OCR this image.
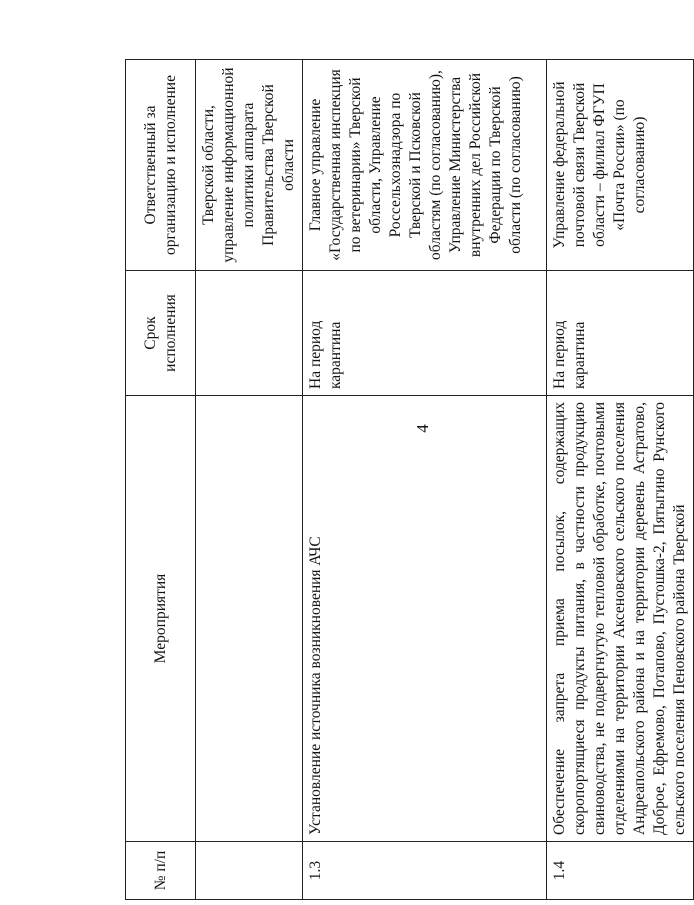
4
№ п/п	Мероприятия	Срок исполнения	Ответственный за организацию и исполнение
			Тверской области, управление информационной политики аппарата Правительства Тверской области
1.3	Установление источника возникновения АЧС	На период карантина	Главное управление «Государственная инспекция по ветеринарии» Тверской области, Управление Россельхознадзора по Тверской и Псковской областям (по согласованию), Управление Министерства внутренних дел Российской Федерации по Тверской области (по согласованию)
1.4	Обеспечение запрета приема посылок, содержащих скоропортящиеся продукты питания, в частности продукцию свиноводства, не подвергнутую тепловой обработке, почтовыми отделениями на территории Аксеновского сельского поселения Андреапольского района и на территории деревень Астратово, Доброе, Ефремово, Потапово, Пустошка-2, Пятыгино Рунского сельского поселения Пеновского района Тверской	На период карантина	Управление федеральной почтовой связи Тверской области – филиал ФГУП «Почта России» (по согласованию)
